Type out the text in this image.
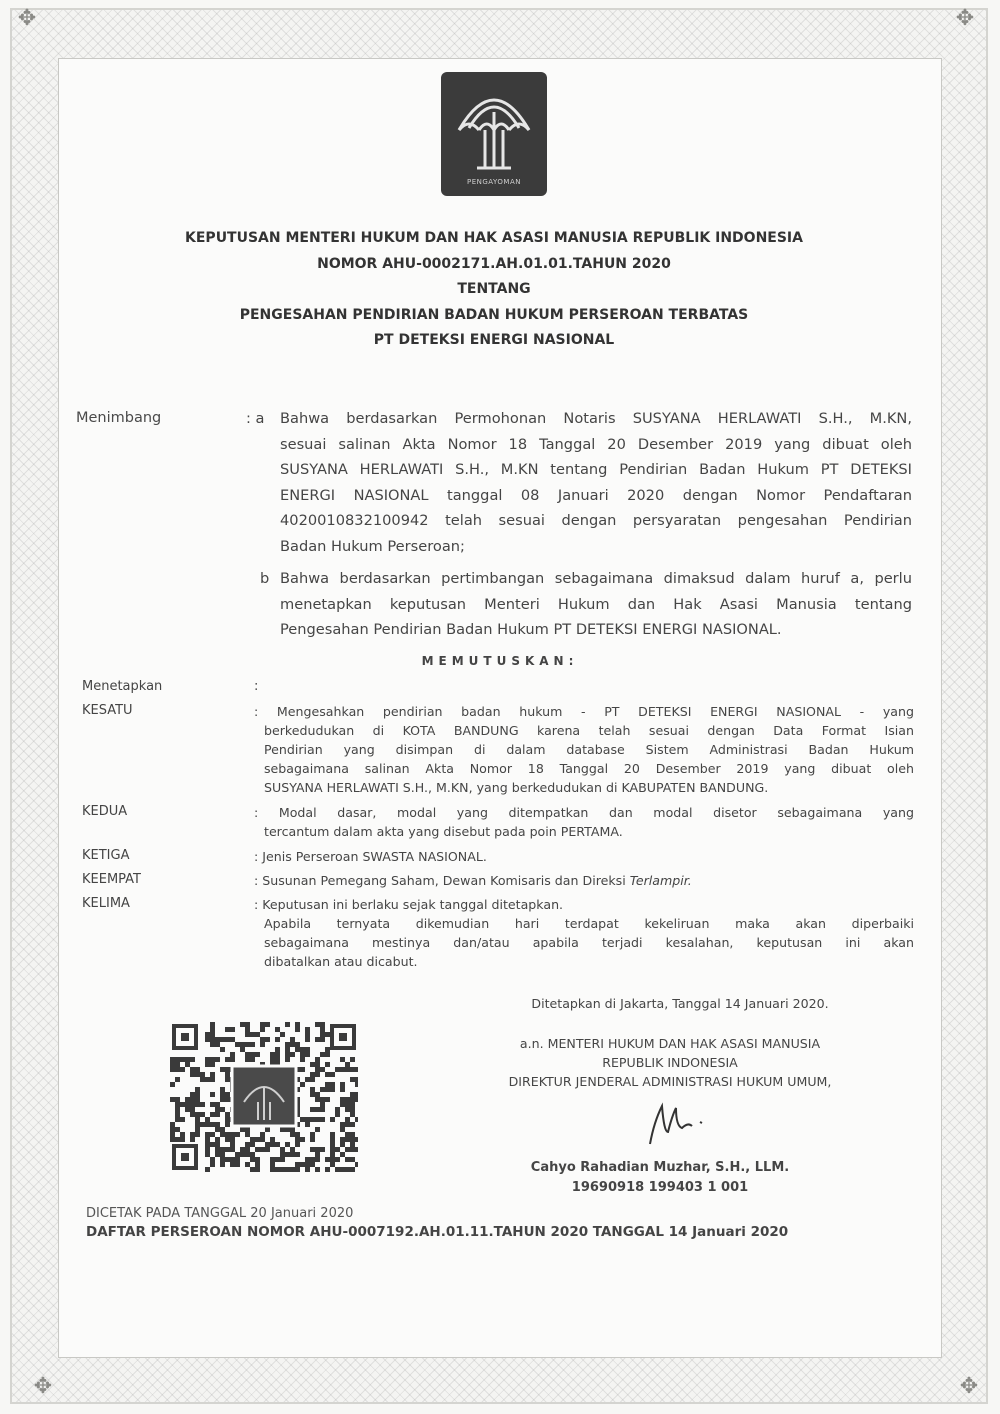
✥	✥
✥	✥
PENGAYOMAN
KEPUTUSAN MENTERI HUKUM DAN HAK ASASI MANUSIA REPUBLIK INDONESIA
NOMOR AHU-0002171.AH.01.01.TAHUN 2020
TENTANG
PENGESAHAN PENDIRIAN BADAN HUKUM PERSEROAN TERBATAS
PT DETEKSI ENERGI NASIONAL
Menimbang	: a Bahwa berdasarkan Permohonan Notaris SUSYANA HERLAWATI S.H., M.KN,
sesuai salinan Akta Nomor 18 Tanggal 20 Desember 2019 yang dibuat oleh
SUSYANA HERLAWATI S.H., M.KN tentang Pendirian Badan Hukum PT DETEKSI
ENERGI NASIONAL tanggal 08 Januari 2020 dengan Nomor Pendaftaran
4020010832100942 telah sesuai dengan persyaratan pengesahan Pendirian
Badan Hukum Perseroan;
b Bahwa berdasarkan pertimbangan sebagaimana dimaksud dalam huruf a, perlu
menetapkan keputusan Menteri Hukum dan Hak Asasi Manusia tentang
Pengesahan Pendirian Badan Hukum PT DETEKSI ENERGI NASIONAL.
MEMUTUSKAN:
Menetapkan	:
KESATU	: Mengesahkan pendirian badan hukum - PT DETEKSI ENERGI NASIONAL - yang

berkedudukan di KOTA BANDUNG karena telah sesuai dengan Data Format Isian

Pendirian yang disimpan di dalam database Sistem Administrasi Badan Hukum

sebagaimana salinan Akta Nomor 18 Tanggal 20 Desember 2019 yang dibuat oleh

SUSYANA HERLAWATI S.H., M.KN, yang berkedudukan di KABUPATEN BANDUNG.

KEDUA	: Modal dasar, modal yang ditempatkan dan modal disetor sebagaimana yang

tercantum dalam akta yang disebut pada poin PERTAMA.

KETIGA	: Jenis Perseroan SWASTA NASIONAL.

KEEMPAT	: Susunan Pemegang Saham, Dewan Komisaris dan Direksi Terlampir.

KELIMA	: Keputusan ini berlaku sejak tanggal ditetapkan.

Apabila ternyata dikemudian hari terdapat kekeliruan maka akan diperbaiki

sebagaimana mestinya dan/atau apabila terjadi kesalahan, keputusan ini akan

dibatalkan atau dicabut.

Ditetapkan di Jakarta, Tanggal 14 Januari 2020.
a.n. MENTERI HUKUM DAN HAK ASASI MANUSIA
REPUBLIK INDONESIA
DIREKTUR JENDERAL ADMINISTRASI HUKUM UMUM,
Cahyo Rahadian Muzhar, S.H., LLM.
19690918 199403 1 001
DICETAK PADA TANGGAL 20 Januari 2020
DAFTAR PERSEROAN NOMOR AHU-0007192.AH.01.11.TAHUN 2020 TANGGAL 14 Januari 2020
